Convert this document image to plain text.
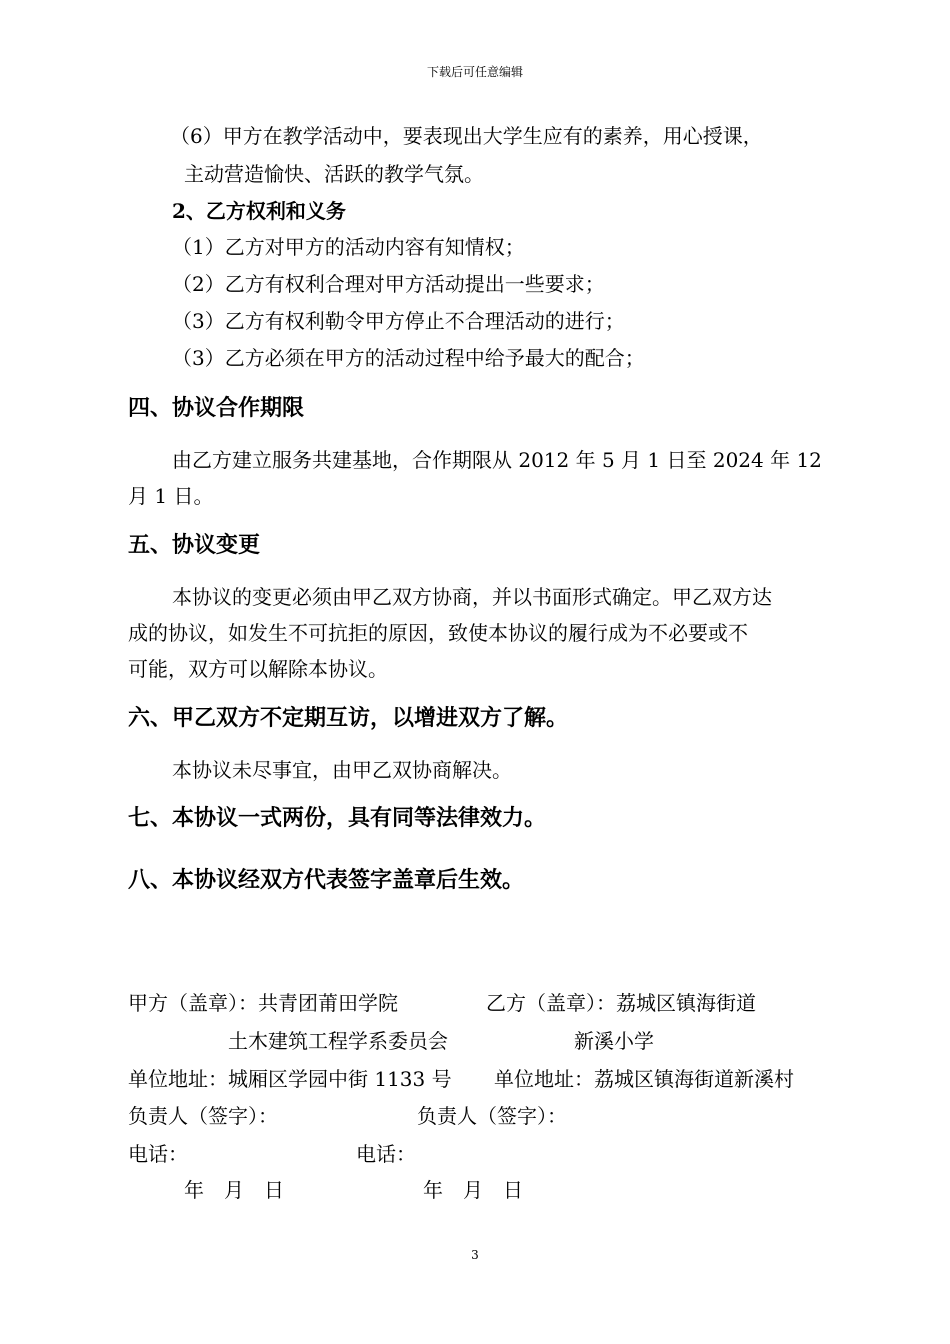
下载后可任意编辑
（6）甲方在教学活动中，要表现出大学生应有的素养，用心授课，
主动营造愉快、活跃的教学气氛。
2、乙方权利和义务
（1）乙方对甲方的活动内容有知情权；
（2）乙方有权利合理对甲方活动提出一些要求；
（3）乙方有权利勒令甲方停止不合理活动的进行；
（3）乙方必须在甲方的活动过程中给予最大的配合；
四、协议合作期限
由乙方建立服务共建基地，合作期限从 2012 年 5 月 1 日至 2024 年 12
月 1 日。
五、协议变更
本协议的变更必须由甲乙双方协商，并以书面形式确定。甲乙双方达
成的协议，如发生不可抗拒的原因，致使本协议的履行成为不必要或不
可能，双方可以解除本协议。
六、甲乙双方不定期互访，以增进双方了解。
本协议未尽事宜，由甲乙双协商解决。
七、本协议一式两份，具有同等法律效力。
八、本协议经双方代表签字盖章后生效。
甲方（盖章）：共青团莆田学院	乙方（盖章）：荔城区镇海街道
土木建筑工程学系委员会	新溪小学
单位地址：城厢区学园中街 1133 号 单位地址：荔城区镇海街道新溪村
负责人（签字）：	负责人（签字）：
电话：	电话：
年　月　日	年　月　日
3
